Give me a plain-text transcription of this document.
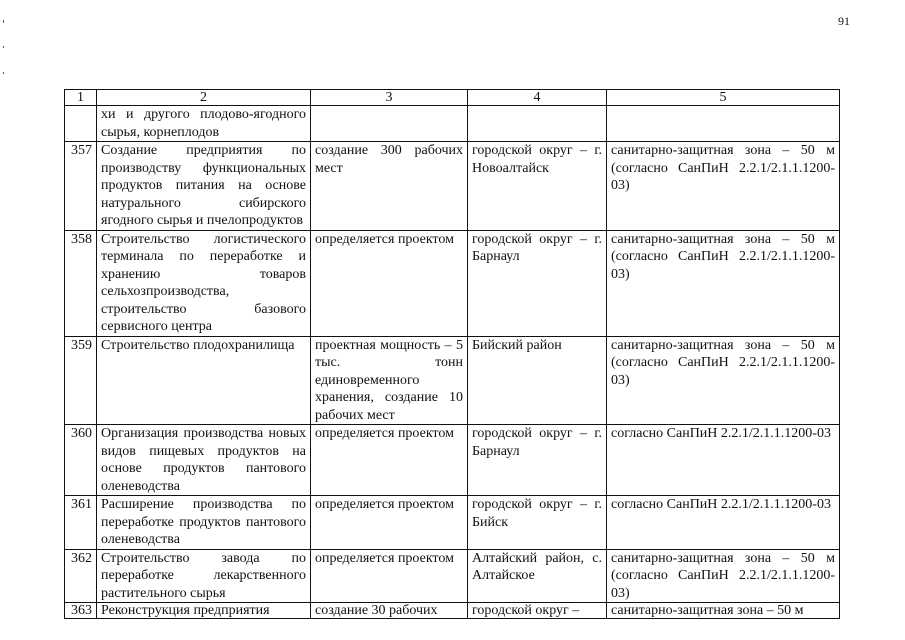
91
1	2	3	4	5
	хи и другого плодово-ягодного сырья, корнеплодов			
357	Создание предприятия по производству функциональных продуктов питания на основе натурального сибирского ягодного сырья и пчелопродуктов	создание 300 рабочих мест	городской округ – г. Новоалтайск	санитарно-защитная зона – 50 м (согласно СанПиН 2.2.1/2.1.1.1200-03)
358	Строительство логистического терминала по переработке и хранению товаров сельхозпроизводства, строительство базового сервисного центра	определяется проектом	городской округ – г. Барнаул	санитарно-защитная зона – 50 м (согласно СанПиН 2.2.1/2.1.1.1200-03)
359	Строительство плодохранилища	проектная мощность – 5 тыс. тонн единовременного хранения, создание 10 рабочих мест	Бийский район	санитарно-защитная зона – 50 м (согласно СанПиН 2.2.1/2.1.1.1200-03)
360	Организация производства новых видов пищевых продуктов на основе продуктов пантового оленеводства	определяется проектом	городской округ – г. Барнаул	согласно СанПиН 2.2.1/2.1.1.1200-03
361	Расширение производства по переработке продуктов пантового оленеводства	определяется проектом	городской округ – г. Бийск	согласно СанПиН 2.2.1/2.1.1.1200-03
362	Строительство завода по переработке лекарственного растительного сырья	определяется проектом	Алтайский район, с. Алтайское	санитарно-защитная зона – 50 м (согласно СанПиН 2.2.1/2.1.1.1200-03)
363	Реконструкция предприятия	создание 30 рабочих	городской округ –	санитарно-защитная зона – 50 м
